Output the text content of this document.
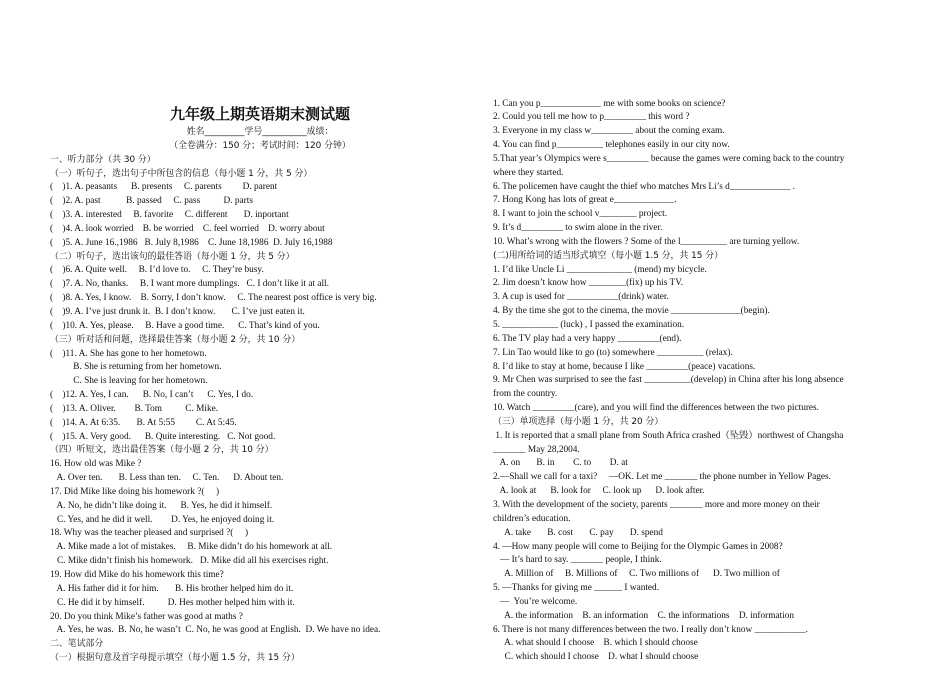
九年级上期英语期末测试题
姓名_________学号__________成绩：
（全卷满分：150 分；考试时间：120 分钟）
一、听力部分（共 30 分）
（一）听句子，选出句子中所包含的信息（每小题 1 分，共 5 分）
(    )1. A. peasants      B. presents     C. parents         D. parent
(    )2. A. past           B. passed     C. pass          D. parts
(    )3. A. interested     B. favorite     C. different       D. inportant
(    )4. A. look worried    B. be worried    C. feel worried    D. worry about
(    )5. A. June 16.,1986   B. July 8,1986    C. June 18,1986  D. July 16,1988
（二）听句子，选出该句的最佳答语（每小题 1 分，共 5 分）
(    )6. A. Quite well.     B. I’d love to.     C. They’re busy.
(    )7. A. No, thanks.     B. I want more dumplings.   C. I don’t like it at all.
(    )8. A. Yes, I know.    B. Sorry, I don’t know.     C. The nearest post office is very big.
(    )9. A. I’ve just drunk it.  B. I don’t know.       C. I’ve just eaten it.
(    )10. A. Yes, please.     B. Have a good time.      C. That’s kind of you.
（三）听对话和问题，选择最佳答案（每小题 2 分，共 10 分）
(    )11. A. She has gone to her hometown.
B. She is returning from her hometown.
C. She is leaving for her hometown.
(    )12. A. Yes, I can.      B. No, I can’t      C. Yes, I do.
(    )13. A. Oliver.        B. Tom          C. Mike.
(    )14. A. At 6:35.       B. At 5:55         C. At 5:45.
(    )15. A. Very good.      B. Quite interesting.   C. Not good.
（四）听短文，选出最佳答案（每小题 2 分，共 10 分）
16. How old was Mike ?
A. Over ten.       B. Less than ten.     C. Ten.      D. About ten.
17. Did Mike like doing his homework ?(     )
A. No, he didn’t like doing it.      B. Yes, he did it himself.
C. Yes, and he did it well.        D. Yes, he enjoyed doing it.
18. Why was the teacher pleased and surprised ?(     )
A. Mike made a lot of mistakes.     B. Mike didn’t do his homework at all.
C. Mike didn’t finish his homework.   D. Mike did all his exercises right.
19. How did Mike do his homework this time?
A. His father did it for him.       B. His brother helped him do it.
C. He did it by himself.          D. Hes mother helped him with it.
20. Do you think Mike’s father was good at maths ?
A. Yes, he was.  B. No, he wasn’t  C. No, he was good at English.  D. We have no idea.
二、笔试部分
（一）根据句意及首字母提示填空（每小题 1.5 分，共 15 分）
1. Can you p_____________ me with some books on science?
2. Could you tell me how to p_________ this word ?
3. Everyone in my class w_________ about the coming exam.
4. You can find p__________ telephones easily in our city now.
5.That year’s Olympics were s_________ because the games were coming back to the country
where they started.
6. The policemen have caught the thief who matches Mrs Li’s d_____________ .
7. Hong Kong has lots of great e_____________.
8. I want to join the school v________ project.
9. It’s d_________ to swim alone in the river.
10. What’s wrong with the flowers ? Some of the l__________ are turning yellow.
(二)用所给词的适当形式填空（每小题 1.5 分，共 15 分）
1. I’d like Uncle Li ______________ (mend) my bicycle.
2. Jim doesn’t know how ________(fix) up his TV.
3. A cup is used for ___________(drink) water.
4. By the time she got to the cinema, the movie _______________(begin).
5. ____________ (luck) , I passed the examination.
6. The TV play had a very happy _________(end).
7. Lin Tao would like to go (to) somewhere __________ (relax).
8. I’d like to stay at home, because I like _________(peace) vacations.
9. Mr Chen was surprised to see the fast __________(develop) in China after his long absence
from the country.
10. Watch _________(care), and you will find the differences between the two pictures.
（三）单项选择（每小题 1 分，共 20 分）
1. It is reported that a small plane from South Africa crashed（坠毁）northwest of Changsha
_______ May 28,2004.
A. on       B. in        C. to        D. at
2.—Shall we call for a taxi?     —OK. Let me _______ the phone number in Yellow Pages.
A. look at      B. look for     C. look up      D. look after.
3. With the development of the society, parents _______ more and more money on their
children’s education.
A. take       B. cost       C. pay       D. spend
4. —How many people will come to Beijing for the Olympic Games in 2008?
— It’s hard to say. _______ people, I think.
A. Million of     B. Millions of     C. Two millions of      D. Two million of
5. —Thanks for giving me ______ I wanted.
—  You’re welcome.
A. the information    B. an information    C. the informations    D. information
6. There is not many differences between the two. I really don’t know ___________.
A. what should I choose    B. which I should choose
C. which should I choose    D. what I should choose
